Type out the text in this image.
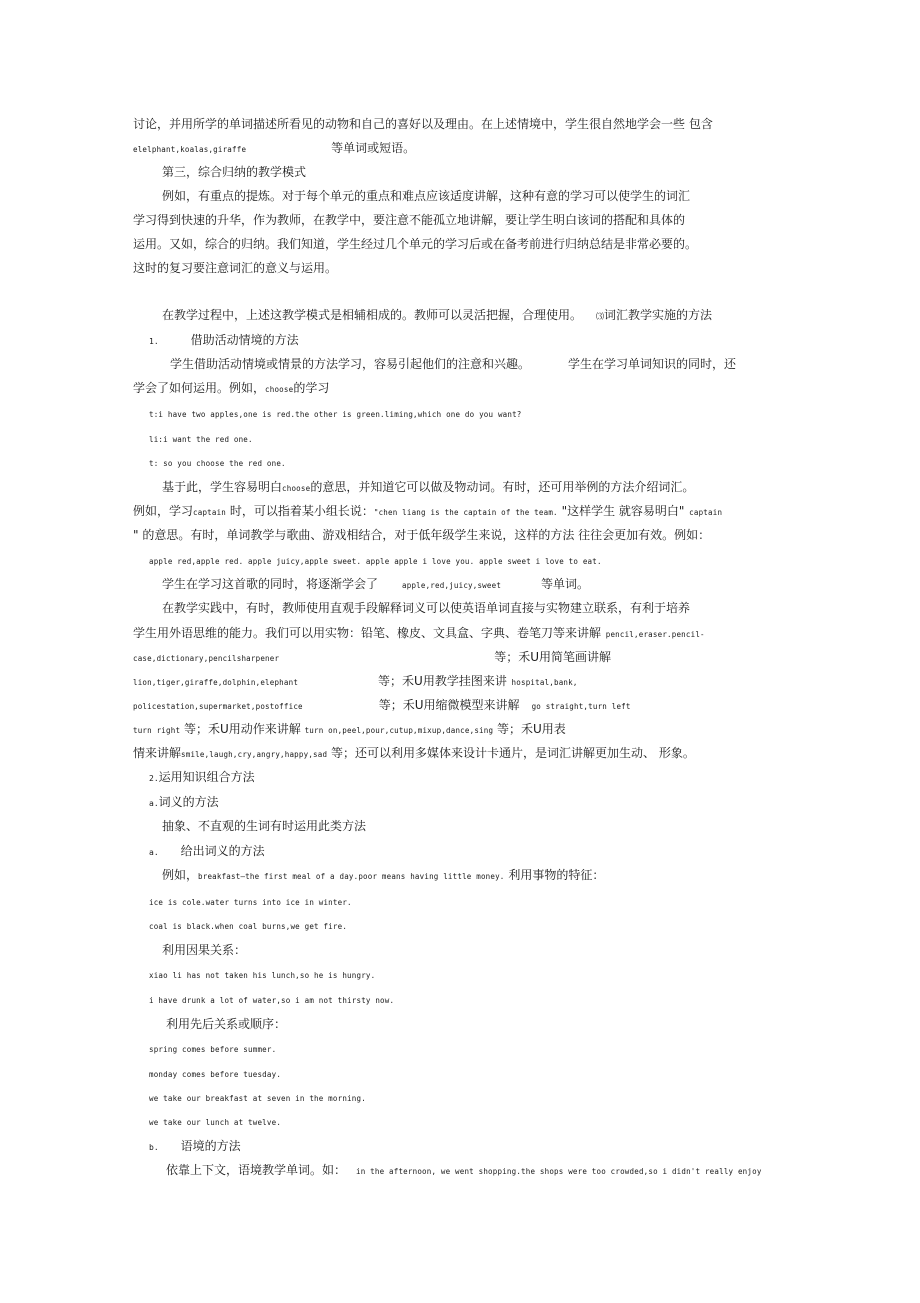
讨论，并用所学的单词描述所看见的动物和自己的喜好以及理由。在上述情境中，学生很自然地学会一些 包含
elelphant,koalas,giraffe	等单词或短语。
第三，综合归纳的教学模式
例如，有重点的提炼。对于每个单元的重点和难点应该适度讲解，这种有意的学习可以使学生的词汇
学习得到快速的升华，作为教师，在教学中，要注意不能孤立地讲解，要让学生明白该词的搭配和具体的
运用。又如，综合的归纳。我们知道，学生经过几个单元的学习后或在备考前进行归纳总结是非常必要的。
这时的复习要注意词汇的意义与运用。
在教学过程中，上述这教学模式是相辅相成的。教师可以灵活把握，合理使用。 ⑶词汇教学实施的方法
1.	借助活动情境的方法
学生借助活动情境或情景的方法学习，容易引起他们的注意和兴趣。	学生在学习单词知识的同时，还
学会了如何运用。例如，choose的学习
t:i have two apples,one is red.the other is green.liming,which one do you want?
li:i want the red one.
t: so you choose the red one.
基于此，学生容易明白choose的意思，并知道它可以做及物动词。有时，还可用举例的方法介绍词汇。
例如，学习captain 时，可以指着某小组长说："chen liang is the captain of the team. "这样学生 就容易明白" captain
" 的意思。有时，单词教学与歌曲、游戏相结合，对于低年级学生来说，这样的方法 往往会更加有效。例如：
apple red,apple red. apple juicy,apple sweet. apple apple i love you. apple sweet i love to eat.
学生在学习这首歌的同时，将逐渐学会了	apple,red,juicy,sweet	等单词。
在教学实践中，有时，教师使用直观手段解释词义可以使英语单词直接与实物建立联系，有利于培养
学生用外语思维的能力。我们可以用实物：铅笔、橡皮、文具盒、字典、卷笔刀等来讲解 pencil,eraser.pencil-
case,dictionary,pencilsharpener	等；禾U用简笔画讲解
lion,tiger,giraffe,dolphin,elephant	等；禾U用教学挂图来讲 hospital,bank,
policestation,supermarket,postoffice	等；禾U用缩微模型来讲解 go straight,turn left
turn right 等；禾U用动作来讲解 turn on,peel,pour,cutup,mixup,dance,sing 等；禾U用表
情来讲解smile,laugh,cry,angry,happy,sad 等；还可以利用多媒体来设计卡通片，是词汇讲解更加生动、 形象。
2.运用知识组合方法
a.词义的方法
抽象、不直观的生词有时运用此类方法
a. 给出词义的方法
例如，breakfast—the first meal of a day.poor means having little money. 利用事物的特征：
ice is cole.water turns into ice in winter.
coal is black.when coal burns,we get fire.
利用因果关系：
xiao li has not taken his lunch,so he is hungry.
i have drunk a lot of water,so i am not thirsty now.
利用先后关系或顺序：
spring comes before summer.
monday comes before tuesday.
we take our breakfast at seven in the morning.
we take our lunch at twelve.
b. 语境的方法
依靠上下文，语境教学单词。如： in the afternoon, we went shopping.the shops were too crowded,so i didn't really enjoy
